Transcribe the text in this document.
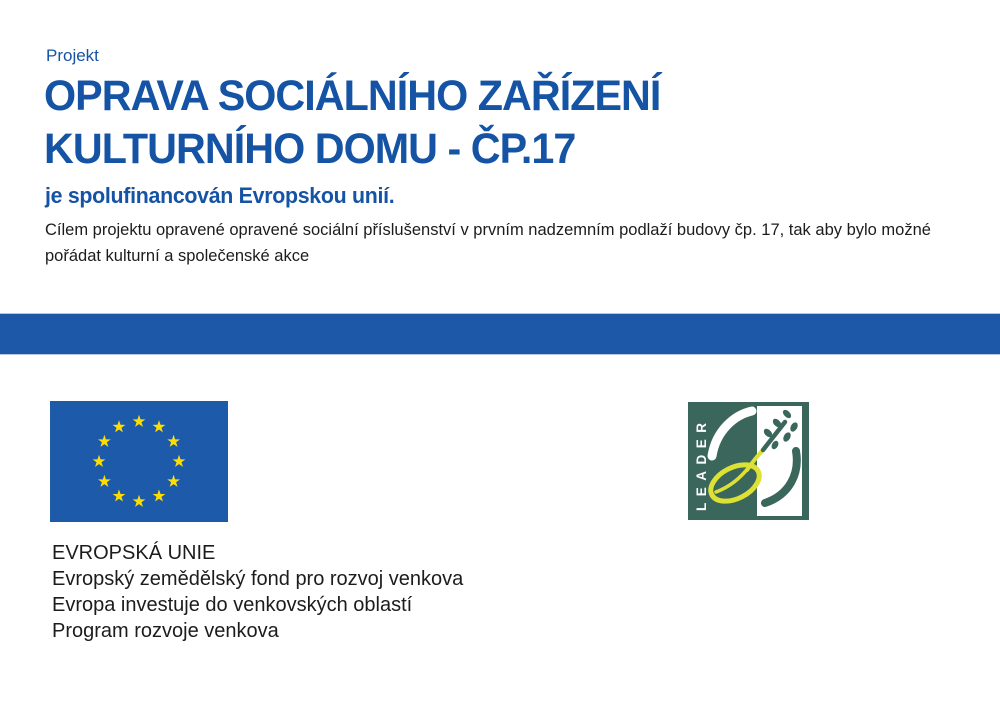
Projekt
OPRAVA SOCIÁLNÍHO ZAŘÍZENÍ
KULTURNÍHO DOMU - ČP.17
je spolufinancován Evropskou unií.
Cílem projektu opravené opravené sociální příslušenství v prvním nadzemním podlaží budovy čp. 17, tak aby bylo možné pořádat kulturní a společenské akce
LEADER
EVROPSKÁ UNIE
Evropský zemědělský fond pro rozvoj venkova
Evropa investuje do venkovských oblastí
Program rozvoje venkova
